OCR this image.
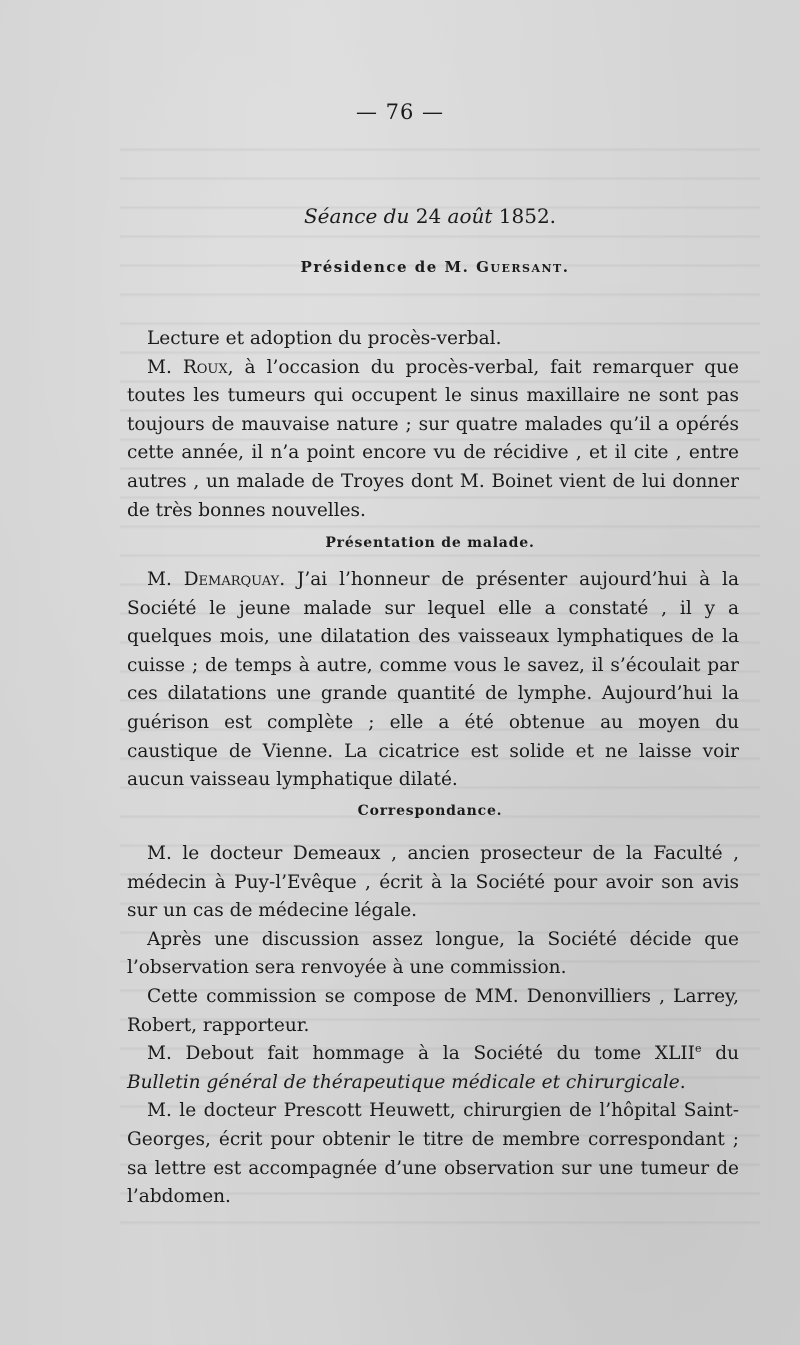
— 76 —
Séance du 24 août 1852.
Présidence de M. Guersant.

Lecture et adoption du procès-verbal.

M. Roux, à l’occasion du procès-verbal, fait remarquer que toutes les tumeurs qui occupent le sinus maxillaire ne sont pas toujours de mauvaise nature ; sur quatre malades qu’il a opérés cette année, il n’a point encore vu de récidive , et il cite , entre autres , un malade de Troyes dont M. Boinet vient de lui donner de très bonnes nouvelles.

Présentation de malade.

M. Demarquay. J’ai l’honneur de présenter aujourd’hui à la Société le jeune malade sur lequel elle a constaté , il y a quelques mois, une dilatation des vaisseaux lymphatiques de la cuisse ; de temps à autre, comme vous le savez, il s’écoulait par ces dilatations une grande quantité de lymphe. Aujourd’hui la guérison est complète ; elle a été obtenue au moyen du caustique de Vienne. La cicatrice est solide et ne laisse voir aucun vaisseau lymphatique dilaté.

Correspondance.

M. le docteur Demeaux , ancien prosecteur de la Faculté , médecin à Puy-l’Evêque , écrit à la Société pour avoir son avis sur un cas de médecine légale.

Après une discussion assez longue, la Société décide que l’observation sera renvoyée à une commission.

Cette commission se compose de MM. Denonvilliers , Larrey, Robert, rapporteur.

M. Debout fait hommage à la Société du tome XLIIe du Bulletin général de thérapeutique médicale et chirurgicale.

M. le docteur Prescott Heuwett, chirurgien de l’hôpital Saint-Georges, écrit pour obtenir le titre de membre correspondant ; sa lettre est accompagnée d’une observation sur une tumeur de l’abdomen.
